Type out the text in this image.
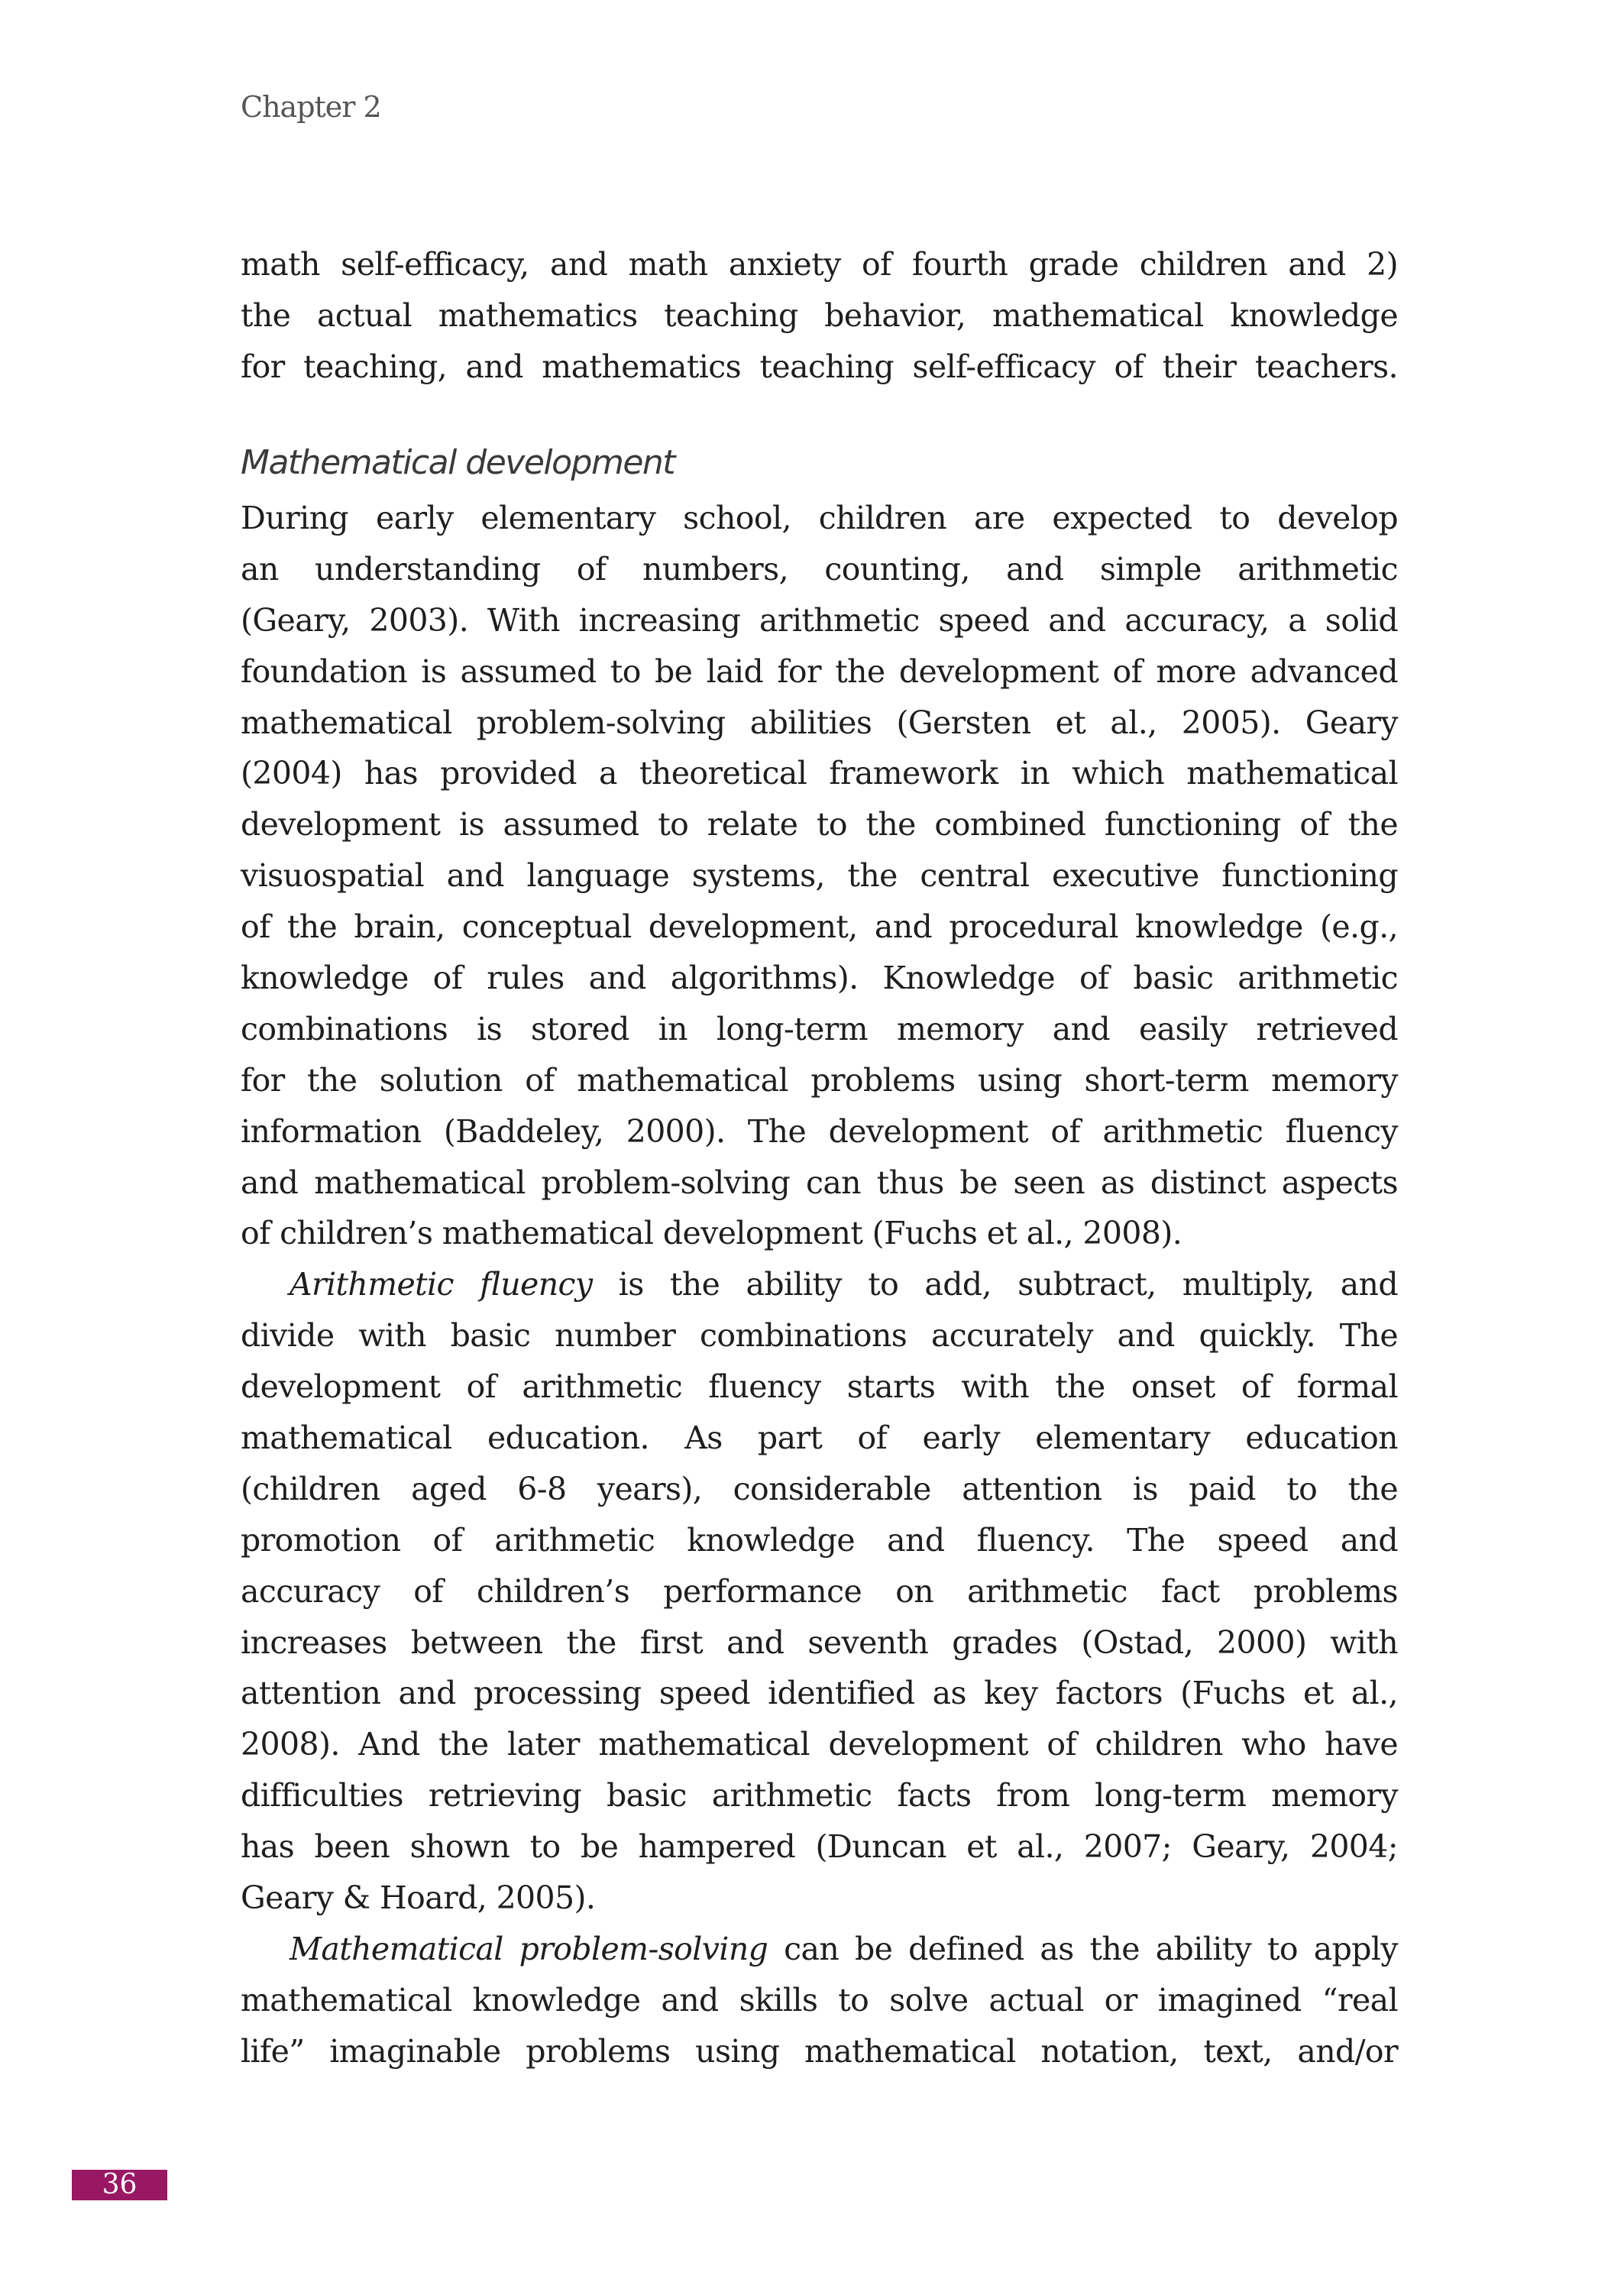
Chapter 2
math self-efficacy, and math anxiety of fourth grade children and 2)
the actual mathematics teaching behavior, mathematical knowledge
for teaching, and mathematics teaching self-efficacy of their teachers.
Mathematical development
During early elementary school, children are expected to develop
an understanding of numbers, counting, and simple arithmetic
(Geary, 2003). With increasing arithmetic speed and accuracy, a solid
foundation is assumed to be laid for the development of more advanced
mathematical problem-solving abilities (Gersten et al., 2005). Geary
(2004) has provided a theoretical framework in which mathematical
development is assumed to relate to the combined functioning of the
visuospatial and language systems, the central executive functioning
of the brain, conceptual development, and procedural knowledge (e.g.,
knowledge of rules and algorithms). Knowledge of basic arithmetic
combinations is stored in long-term memory and easily retrieved
for the solution of mathematical problems using short-term memory
information (Baddeley, 2000). The development of arithmetic fluency
and mathematical problem-solving can thus be seen as distinct aspects
of children’s mathematical development (Fuchs et al., 2008).
Arithmetic fluency is the ability to add, subtract, multiply, and
divide with basic number combinations accurately and quickly. The
development of arithmetic fluency starts with the onset of formal
mathematical education. As part of early elementary education
(children aged 6-8 years), considerable attention is paid to the
promotion of arithmetic knowledge and fluency. The speed and
accuracy of children’s performance on arithmetic fact problems
increases between the first and seventh grades (Ostad, 2000) with
attention and processing speed identified as key factors (Fuchs et al.,
2008). And the later mathematical development of children who have
difficulties retrieving basic arithmetic facts from long-term memory
has been shown to be hampered (Duncan et al., 2007; Geary, 2004;
Geary & Hoard, 2005).
Mathematical problem-solving can be defined as the ability to apply
mathematical knowledge and skills to solve actual or imagined “real
life” imaginable problems using mathematical notation, text, and/or
36
